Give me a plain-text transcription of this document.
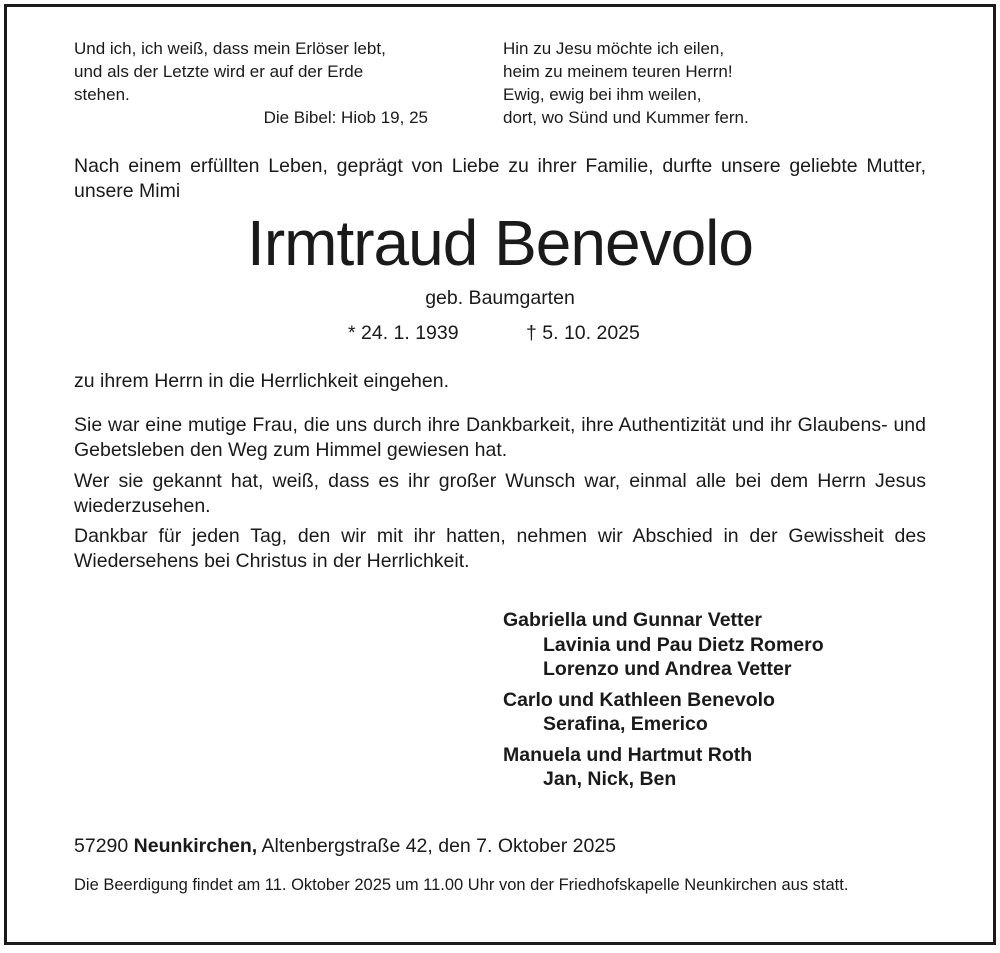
Und ich, ich weiß, dass mein Erlöser lebt,
und als der Letzte wird er auf der Erde
stehen.
Die Bibel: Hiob 19, 25
Hin zu Jesu möchte ich eilen,
heim zu meinem teuren Herrn!
Ewig, ewig bei ihm weilen,
dort, wo Sünd und Kummer fern.
Nach einem erfüllten Leben, geprägt von Liebe zu ihrer Familie, durfte unsere geliebte Mutter, unsere Mimi
Irmtraud Benevolo
geb. Baumgarten
* 24. 1. 1939	† 5. 10. 2025

zu ihrem Herrn in die Herrlichkeit eingehen.

Sie war eine mutige Frau, die uns durch ihre Dankbarkeit, ihre Authentizität und ihr Glaubens- und Gebetsleben den Weg zum Himmel gewiesen hat.

Wer sie gekannt hat, weiß, dass es ihr großer Wunsch war, einmal alle bei dem Herrn Jesus wiederzusehen.

Dankbar für jeden Tag, den wir mit ihr hatten, nehmen wir Abschied in der Gewissheit des Wiedersehens bei Christus in der Herrlichkeit.

Gabriella und Gunnar Vetter
Lavinia und Pau Dietz Romero
Lorenzo und Andrea Vetter
Carlo und Kathleen Benevolo
Serafina, Emerico
Manuela und Hartmut Roth
Jan, Nick, Ben
57290 Neunkirchen, Altenbergstraße 42, den 7. Oktober 2025
Die Beerdigung findet am 11. Oktober 2025 um 11.00 Uhr von der Friedhofskapelle Neunkirchen aus statt.
